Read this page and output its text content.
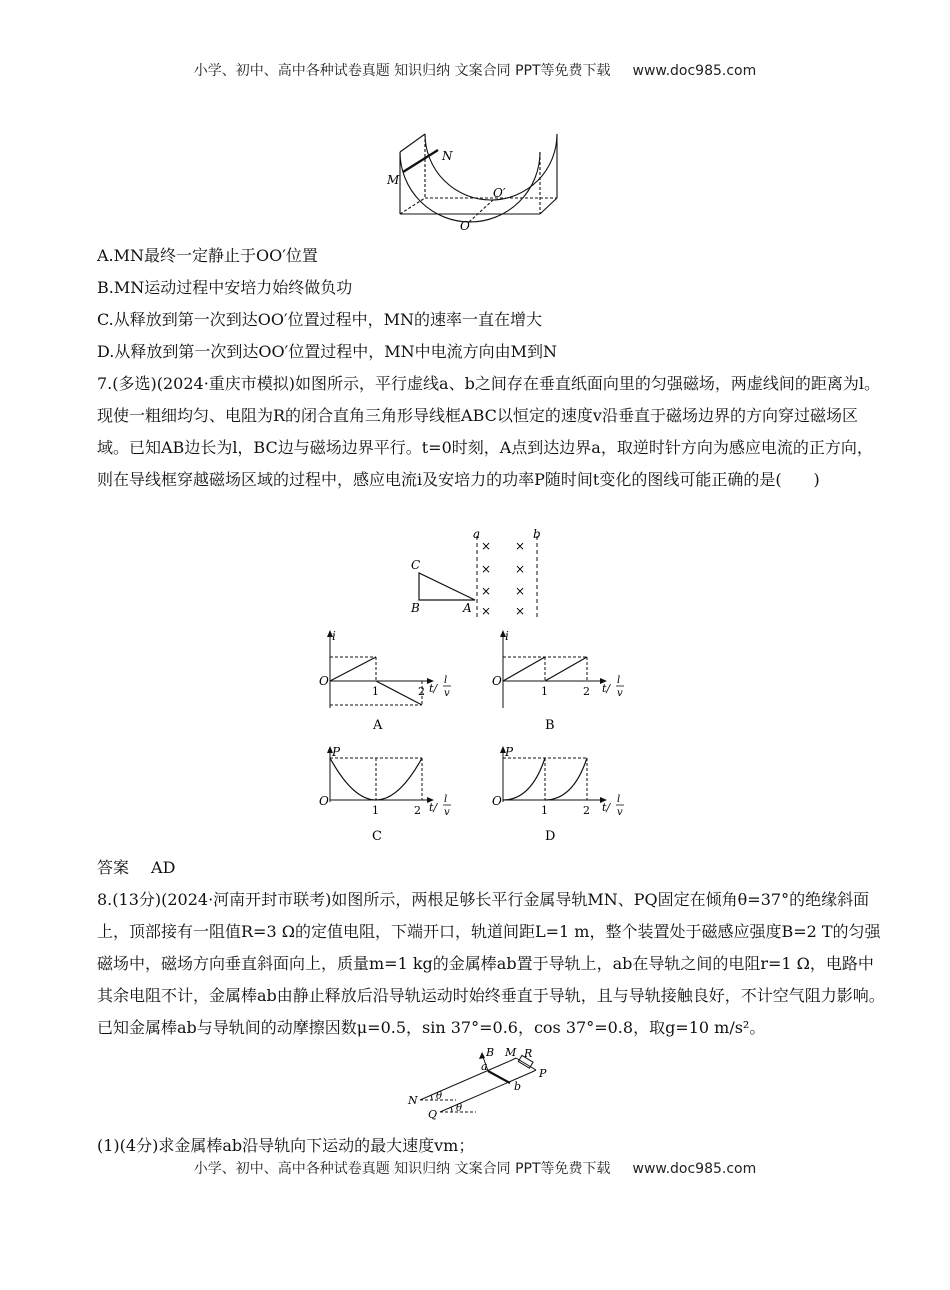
小学、初中、高中各种试卷真题 知识归纳 文案合同 PPT等免费下载 www.doc985.com
N
M
O′
O
A.MN最终一定静止于OO′位置
B.MN运动过程中安培力始终做负功
C.从释放到第一次到达OO′位置过程中，MN的速率一直在增大
D.从释放到第一次到达OO′位置过程中，MN中电流方向由M到N
7.(多选)(2024·重庆市模拟)如图所示，平行虚线a、b之间存在垂直纸面向里的匀强磁场，两虚线间的距离为l。现使一粗细均匀、电阻为R的闭合直角三角形导线框ABC以恒定的速度v沿垂直于磁场边界的方向穿过磁场区域。已知AB边长为l，BC边与磁场边界平行。t=0时刻，A点到达边界a，取逆时针方向为感应电流的正方向，则在导线框穿越磁场区域的过程中，感应电流i及安培力的功率P随时间t变化的图线可能正确的是(　　)
a	b
× ×
× ×
× ×
× ×
C
B	A
i
O
1	2 t/
l
v
A
i
O
1	2 t/
l
v
B
P
O
1	2 t/
l
v
C
P
O
1	2 t/
l
v
D
答案 AD
8.(13分)(2024·河南开封市联考)如图所示，两根足够长平行金属导轨MN、PQ固定在倾角θ=37°的绝缘斜面上，顶部接有一阻值R=3 Ω的定值电阻，下端开口，轨道间距L=1 m，整个装置处于磁感应强度B=2 T的匀强磁场中，磁场方向垂直斜面向上，质量m=1 kg的金属棒ab置于导轨上，ab在导轨之间的电阻r=1 Ω，电路中其余电阻不计，金属棒ab由静止释放后沿导轨运动时始终垂直于导轨，且与导轨接触良好，不计空气阻力影响。已知金属棒ab与导轨间的动摩擦因数μ=0.5，sin 37°=0.6，cos 37°=0.8，取g=10 m/s²。
B M R
P
a
b
N
Q
θ
θ
(1)(4分)求金属棒ab沿导轨向下运动的最大速度vm；
小学、初中、高中各种试卷真题 知识归纳 文案合同 PPT等免费下载 www.doc985.com
